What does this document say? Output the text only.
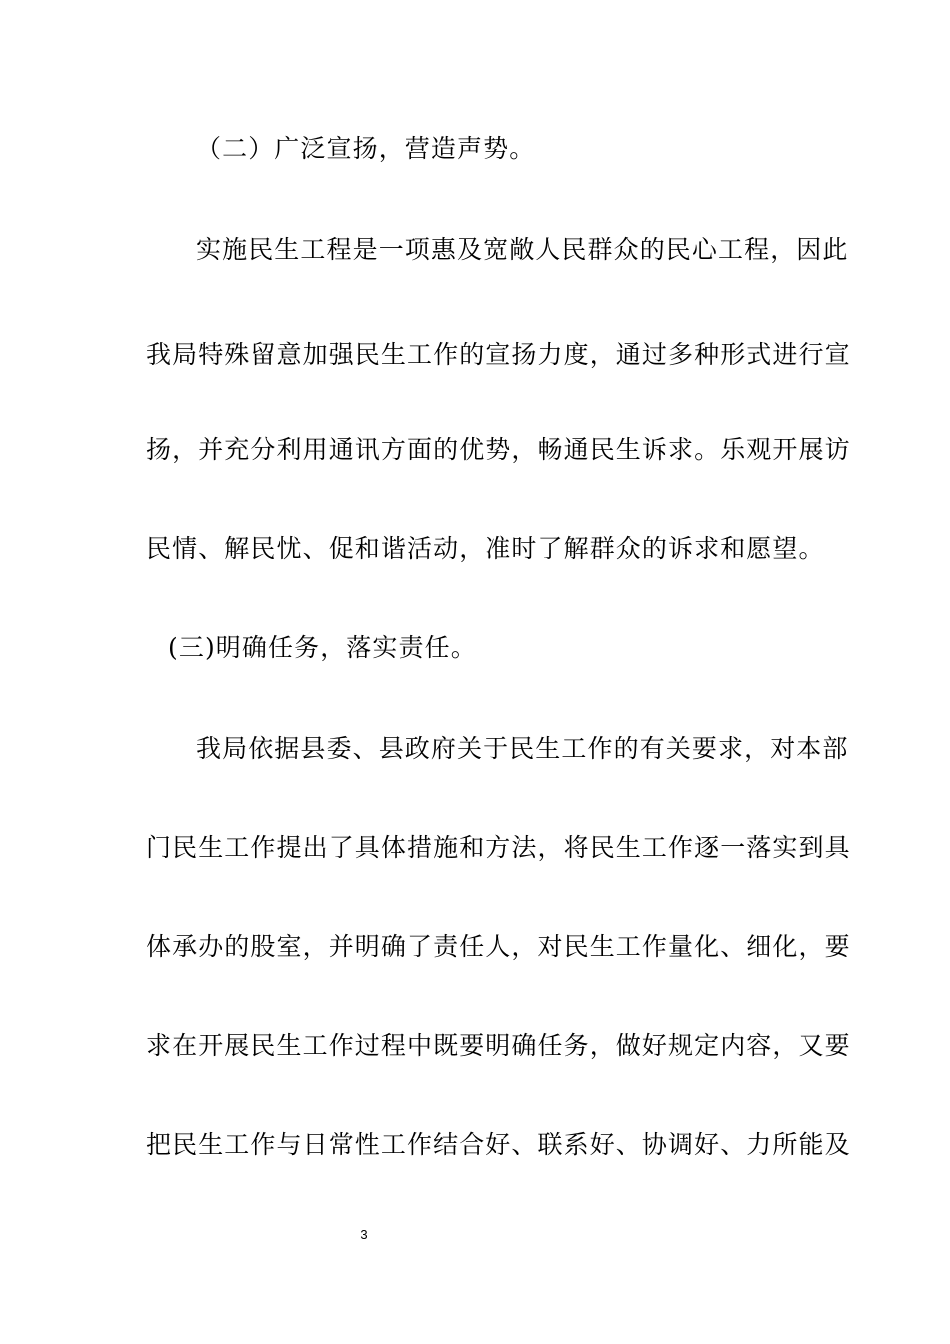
（二）广泛宣扬，营造声势。
实施民生工程是一项惠及宽敞人民群众的民心工程，因此
我局特殊留意加强民生工作的宣扬力度，通过多种形式进行宣
扬，并充分利用通讯方面的优势，畅通民生诉求。乐观开展访
民情、解民忧、促和谐活动，准时了解群众的诉求和愿望。
(三)明确任务，落实责任。
我局依据县委、县政府关于民生工作的有关要求，对本部
门民生工作提出了具体措施和方法，将民生工作逐一落实到具
体承办的股室，并明确了责任人，对民生工作量化、细化，要
求在开展民生工作过程中既要明确任务，做好规定内容，又要
把民生工作与日常性工作结合好、联系好、协调好、力所能及
3
